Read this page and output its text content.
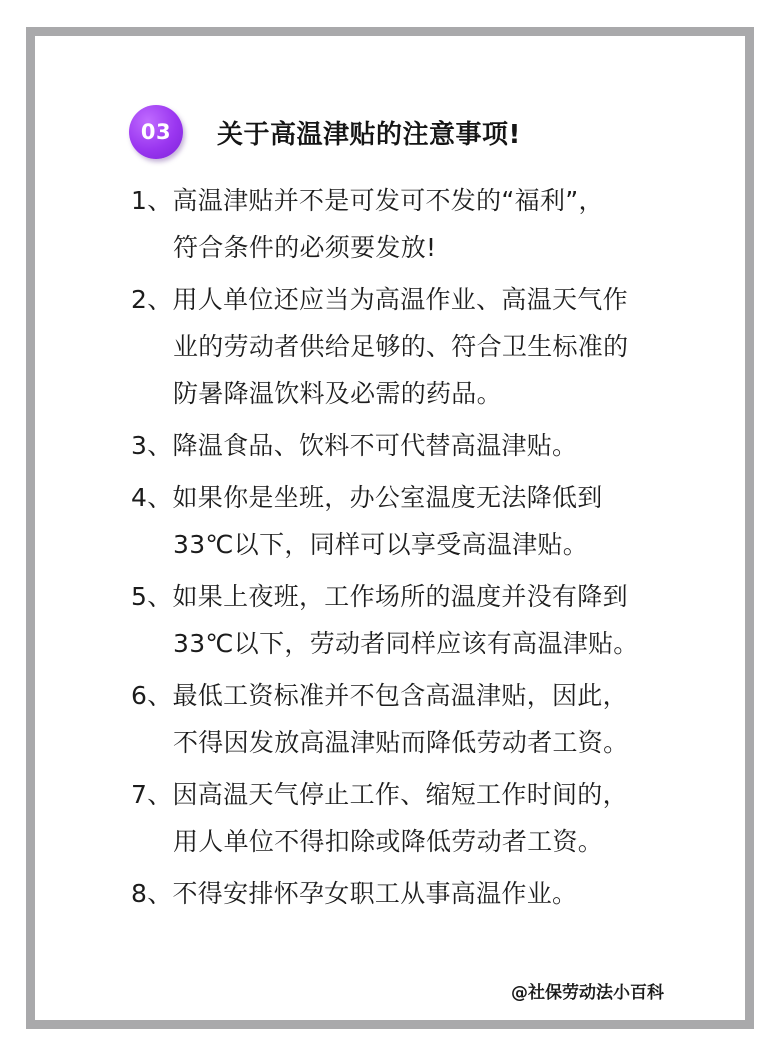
03	关于高温津贴的注意事项!
1、高温津贴并不是可发可不发的“福利”，
符合条件的必须要发放!
2、用人单位还应当为高温作业、高温天气作
业的劳动者供给足够的、符合卫生标准的
防暑降温饮料及必需的药品。
3、降温食品、饮料不可代替高温津贴。
4、如果你是坐班，办公室温度无法降低到
33℃以下，同样可以享受高温津贴。
5、如果上夜班，工作场所的温度并没有降到
33℃以下，劳动者同样应该有高温津贴。
6、最低工资标准并不包含高温津贴，因此，
不得因发放高温津贴而降低劳动者工资。
7、因高温天气停止工作、缩短工作时间的，
用人单位不得扣除或降低劳动者工资。
8、不得安排怀孕女职工从事高温作业。
@社保劳动法小百科
